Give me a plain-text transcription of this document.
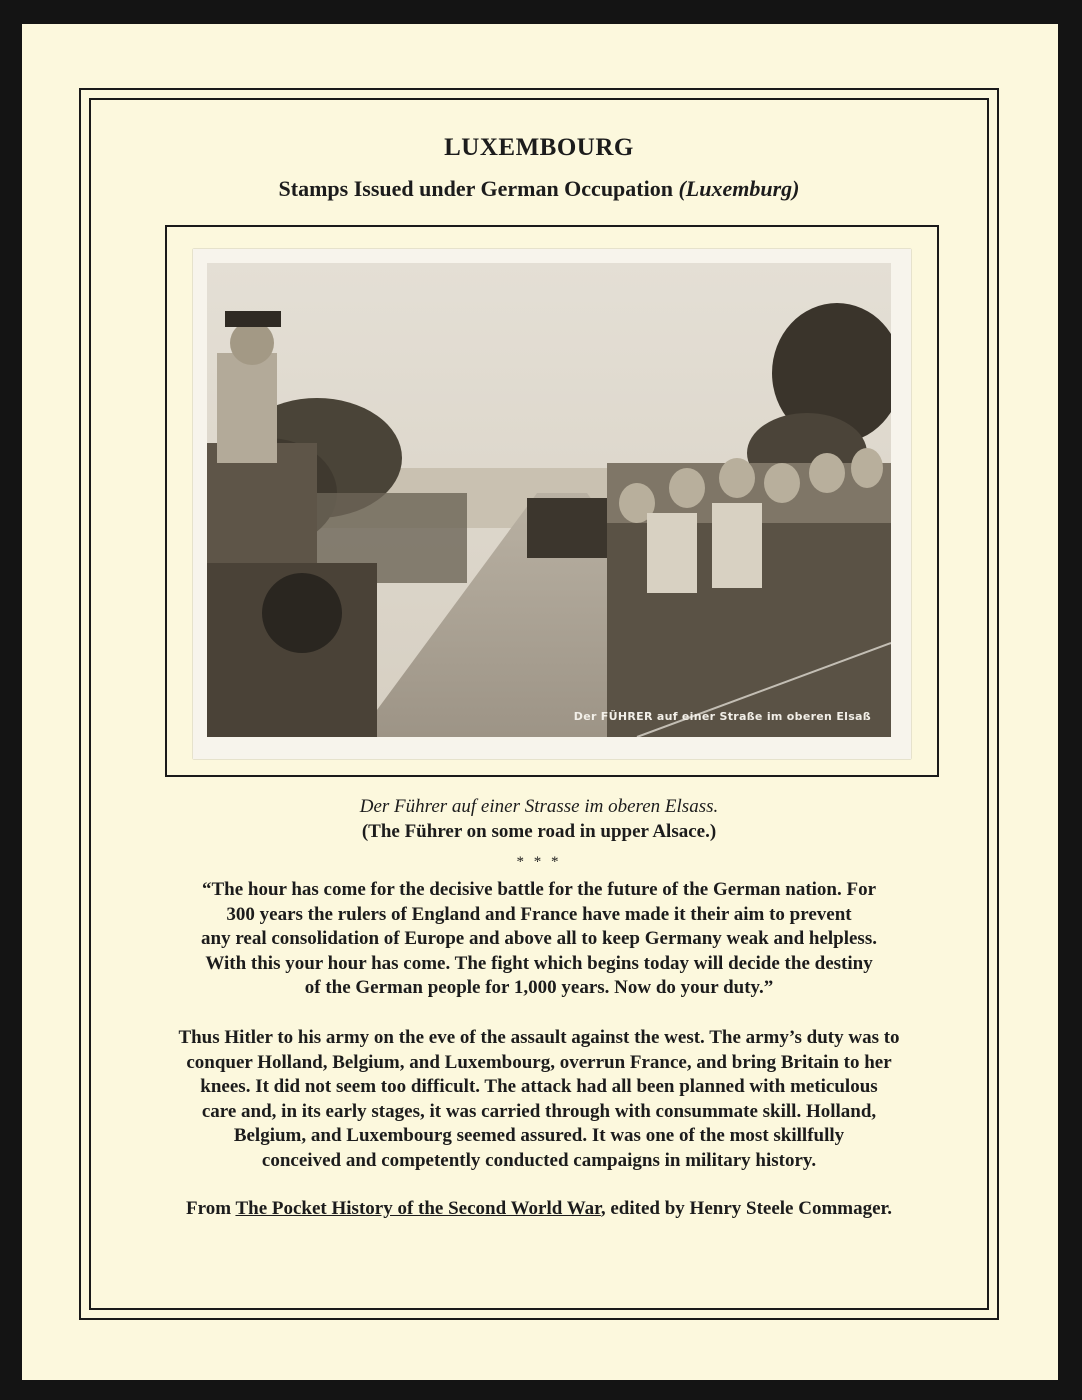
LUXEMBOURG
Stamps Issued under German Occupation (Luxemburg)
Der FÜHRER auf einer Straße im oberen Elsaß
Der Führer auf einer Strasse im oberen Elsass.
(The Führer on some road in upper Alsace.)
* * *
“The hour has come for the decisive battle for the future of the German nation. For
300 years the rulers of England and France have made it their aim to prevent
any real consolidation of Europe and above all to keep Germany weak and helpless.
With this your hour has come. The fight which begins today will decide the destiny
of the German people for 1,000 years. Now do your duty.”
Thus Hitler to his army on the eve of the assault against the west. The army’s duty was to
conquer Holland, Belgium, and Luxembourg, overrun France, and bring Britain to her
knees. It did not seem too difficult. The attack had all been planned with meticulous
care and, in its early stages, it was carried through with consummate skill. Holland,
Belgium, and Luxembourg seemed assured. It was one of the most skillfully
conceived and competently conducted campaigns in military history.
From The Pocket History of the Second World War, edited by Henry Steele Commager.
